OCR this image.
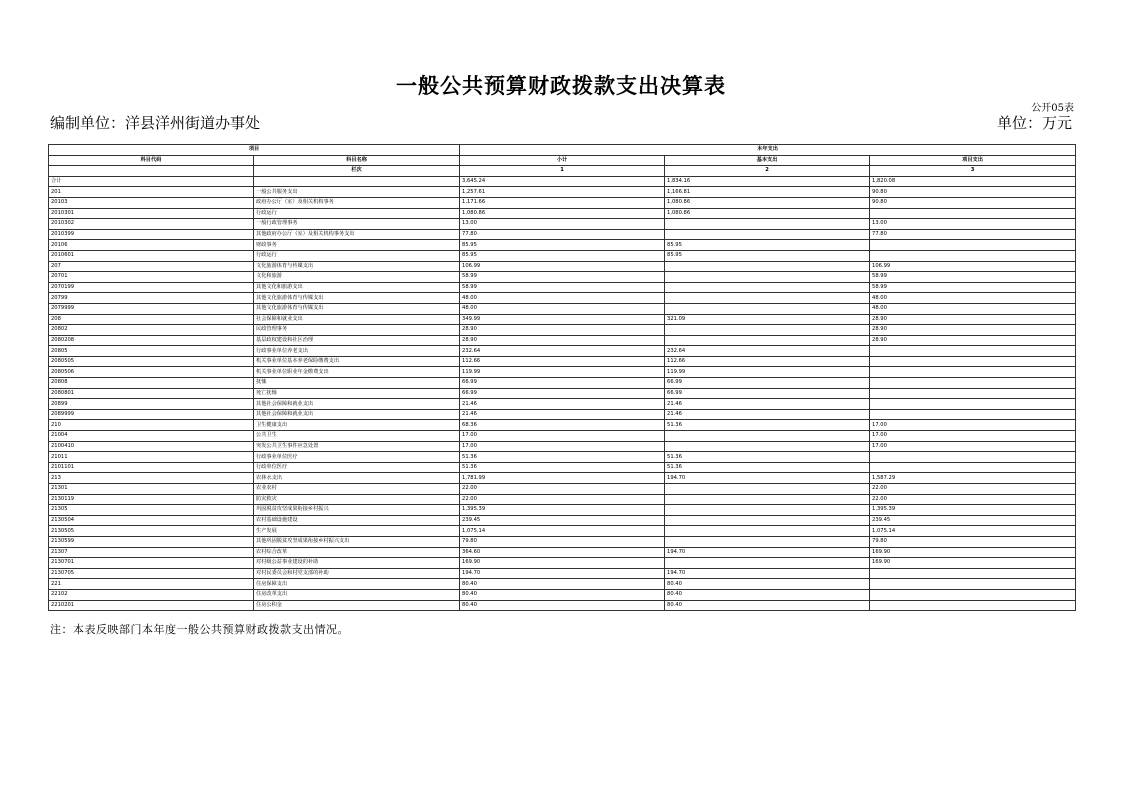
一般公共预算财政拨款支出决算表
公开05表
编制单位：洋县洋州街道办事处	单位：万元
项目		本年支出		
科目代码	科目名称	小计	基本支出	项目支出
	栏次	1	2	3
合计		3,645.24	1,834.16	1,820.08
201	一般公共服务支出	1,257.61	1,166.81	90.80
20103	政府办公厅（室）及相关机构事务	1,171.66	1,080.86	90.80
2010301	行政运行	1,080.86	1,080.86	
2010302	一般行政管理事务	13.00		13.00
2010399	其他政府办公厅（室）及相关机构事务支出	77.80		77.80
20106	财政事务	85.95	85.95	
2010601	行政运行	85.95	85.95	
207	文化旅游体育与传媒支出	106.99		106.99
20701	文化和旅游	58.99		58.99
2070199	其他文化和旅游支出	58.99		58.99
20799	其他文化旅游体育与传媒支出	48.00		48.00
2079999	其他文化旅游体育与传媒支出	48.00		48.00
208	社会保障和就业支出	349.99	321.09	28.90
20802	民政管理事务	28.90		28.90
2080208	基层政权建设和社区治理	28.90		28.90
20805	行政事业单位养老支出	232.64	232.64	
2080505	机关事业单位基本养老保险缴费支出	112.66	112.66	
2080506	机关事业单位职业年金缴费支出	119.99	119.99	
20808	抚恤	66.99	66.99	
2080801	死亡抚恤	66.99	66.99	
20899	其他社会保障和就业支出	21.46	21.46	
2089999	其他社会保障和就业支出	21.46	21.46	
210	卫生健康支出	68.36	51.36	17.00
21004	公共卫生	17.00		17.00
2100410	突发公共卫生事件应急处置	17.00		17.00
21011	行政事业单位医疗	51.36	51.36	
2101101	行政单位医疗	51.36	51.36	
213	农林水支出	1,781.99	194.70	1,587.29
21301	农业农村	22.00		22.00
2130119	防灾救灾	22.00		22.00
21305	巩固脱贫攻坚成果衔接乡村振兴	1,395.39		1,395.39
2130504	农村基础设施建设	239.45		239.45
2130505	生产发展	1,075.14		1,075.14
2130599	其他巩固脱贫攻坚成果衔接乡村振兴支出	79.80		79.80
21307	农村综合改革	364.60	194.70	169.90
2130701	对村级公益事业建设的补助	169.90		169.90
2130705	对村民委员会和村党支部的补助	194.70	194.70	
221	住房保障支出	80.40	80.40	
22102	住房改革支出	80.40	80.40	
2210201	住房公积金	80.40	80.40	
注：本表反映部门本年度一般公共预算财政拨款支出情况。
